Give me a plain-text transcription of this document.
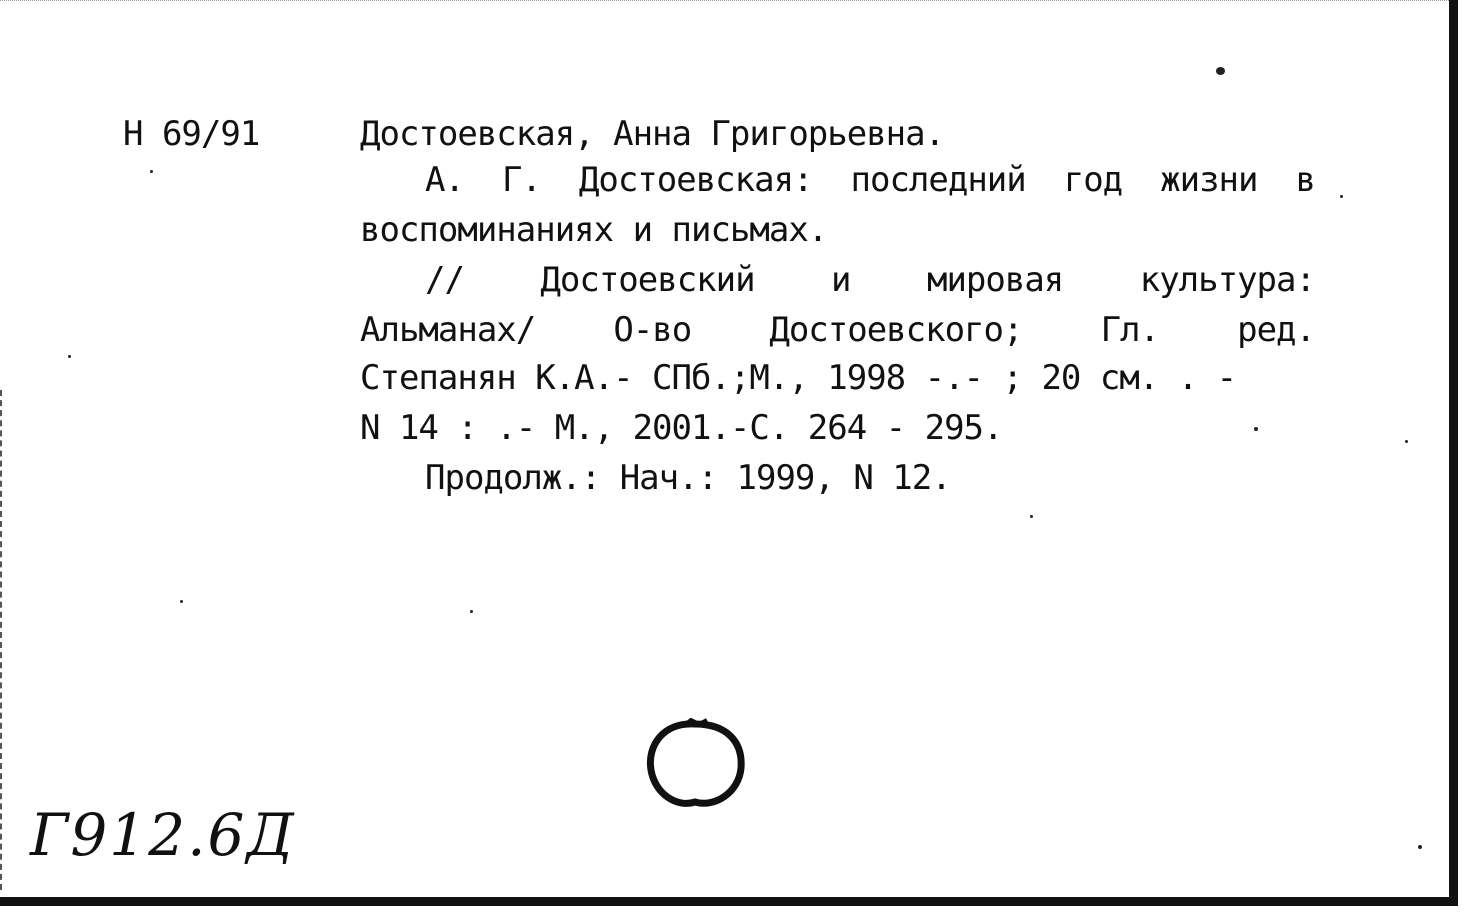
Н 69/91	Достоевская, Анна Григорьевна.
А. Г. Достоевская: последний год жизни в
воспоминаниях и письмах.
// Достоевский и мировая культура:
Альманах/ О-во Достоевского; Гл. ред.
Степанян К.А.- СПб.;М., 1998 -.- ; 20 см. . -
N 14 : .- М., 2001.-С. 264 - 295.
Продолж.: Нач.: 1999, N 12.
Г912.6Д
